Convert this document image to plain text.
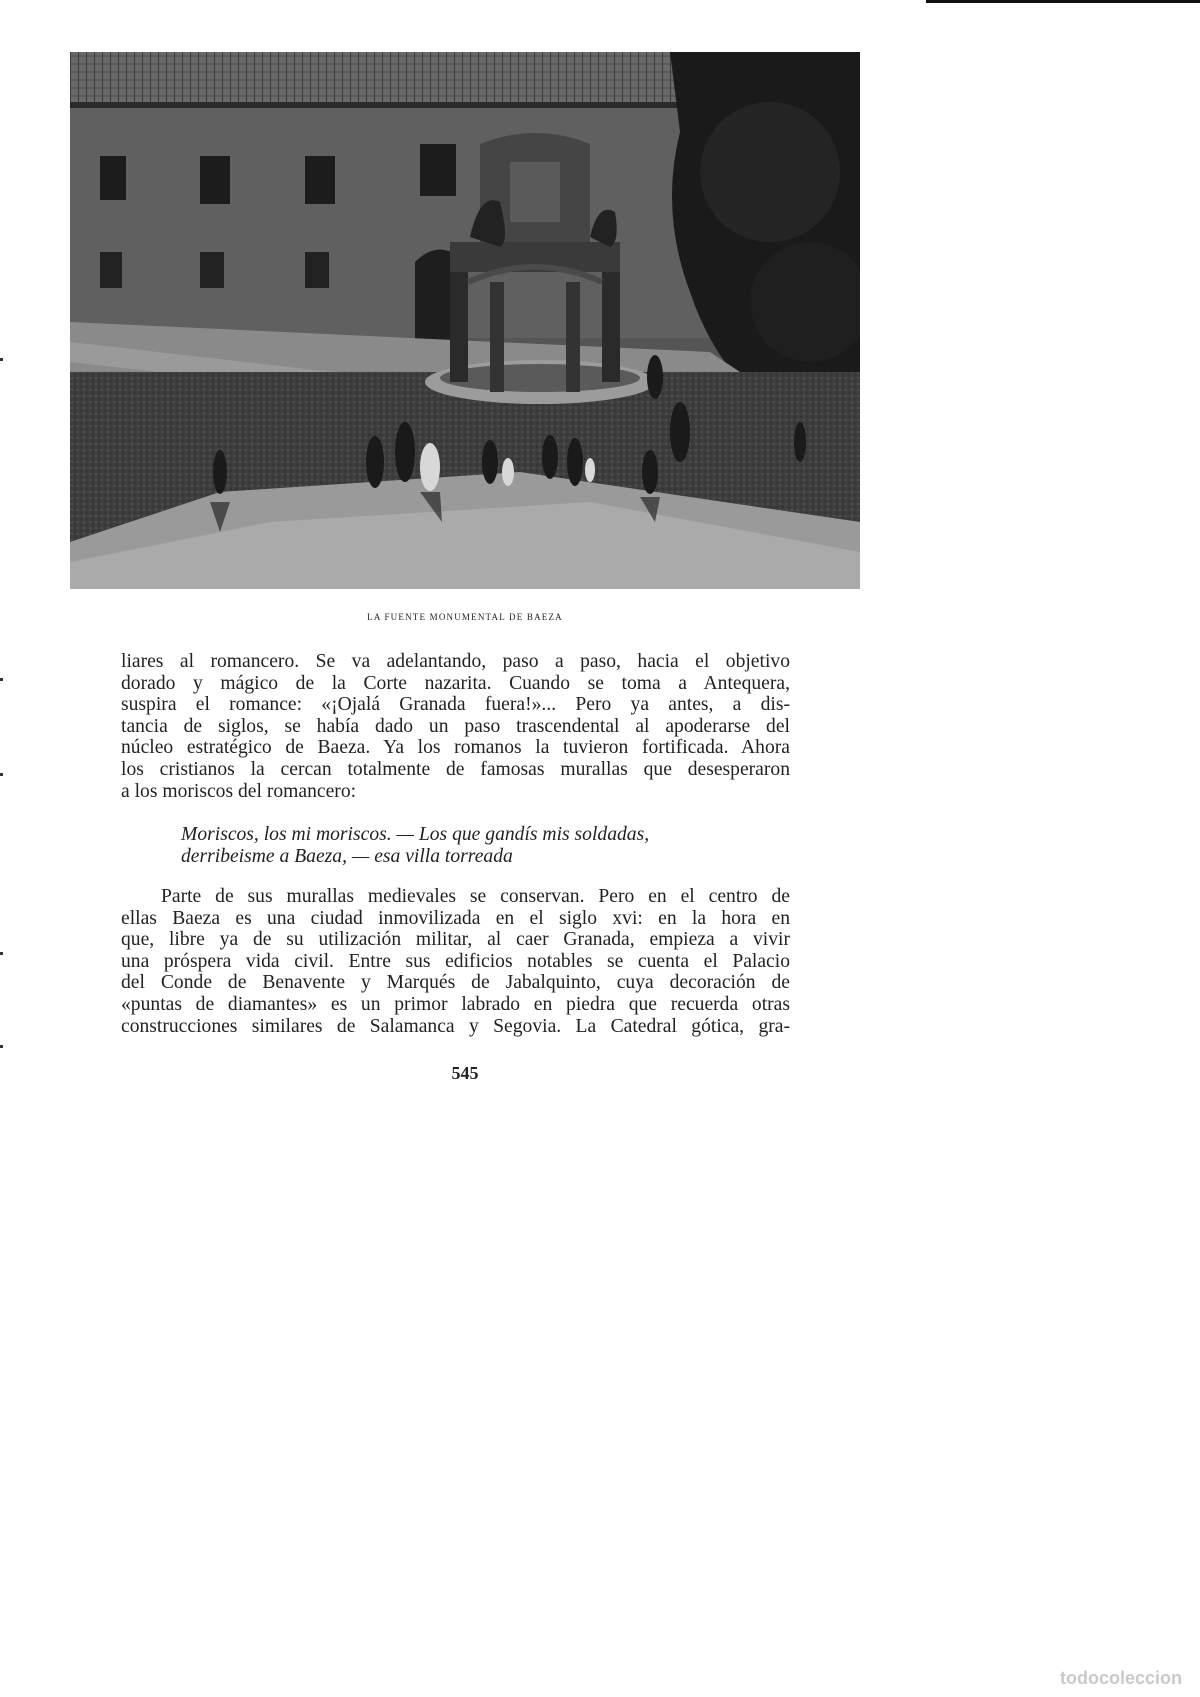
LA FUENTE MONUMENTAL DE BAEZA

liares al romancero. Se va adelantando, paso a paso, hacia el objetivo
dorado y mágico de la Corte nazarita. Cuando se toma a Antequera,
suspira el romance: «¡Ojalá Granada fuera!»... Pero ya antes, a dis-
tancia de siglos, se había dado un paso trascendental al apoderarse del
núcleo estratégico de Baeza. Ya los romanos la tuvieron fortificada. Ahora
los cristianos la cercan totalmente de famosas murallas que desesperaron
a los moriscos del romancero:

Moriscos, los mi moriscos. — Los que gandís mis soldadas,
derribeisme a Baeza, — esa villa torreada

Parte de sus murallas medievales se conservan. Pero en el centro de
ellas Baeza es una ciudad inmovilizada en el siglo xvi: en la hora en
que, libre ya de su utilización militar, al caer Granada, empieza a vivir
una próspera vida civil. Entre sus edificios notables se cuenta el Palacio
del Conde de Benavente y Marqués de Jabalquinto, cuya decoración de
«puntas de diamantes» es un primor labrado en piedra que recuerda otras
construcciones similares de Salamanca y Segovia. La Catedral gótica, gra-

545
todocoleccion
